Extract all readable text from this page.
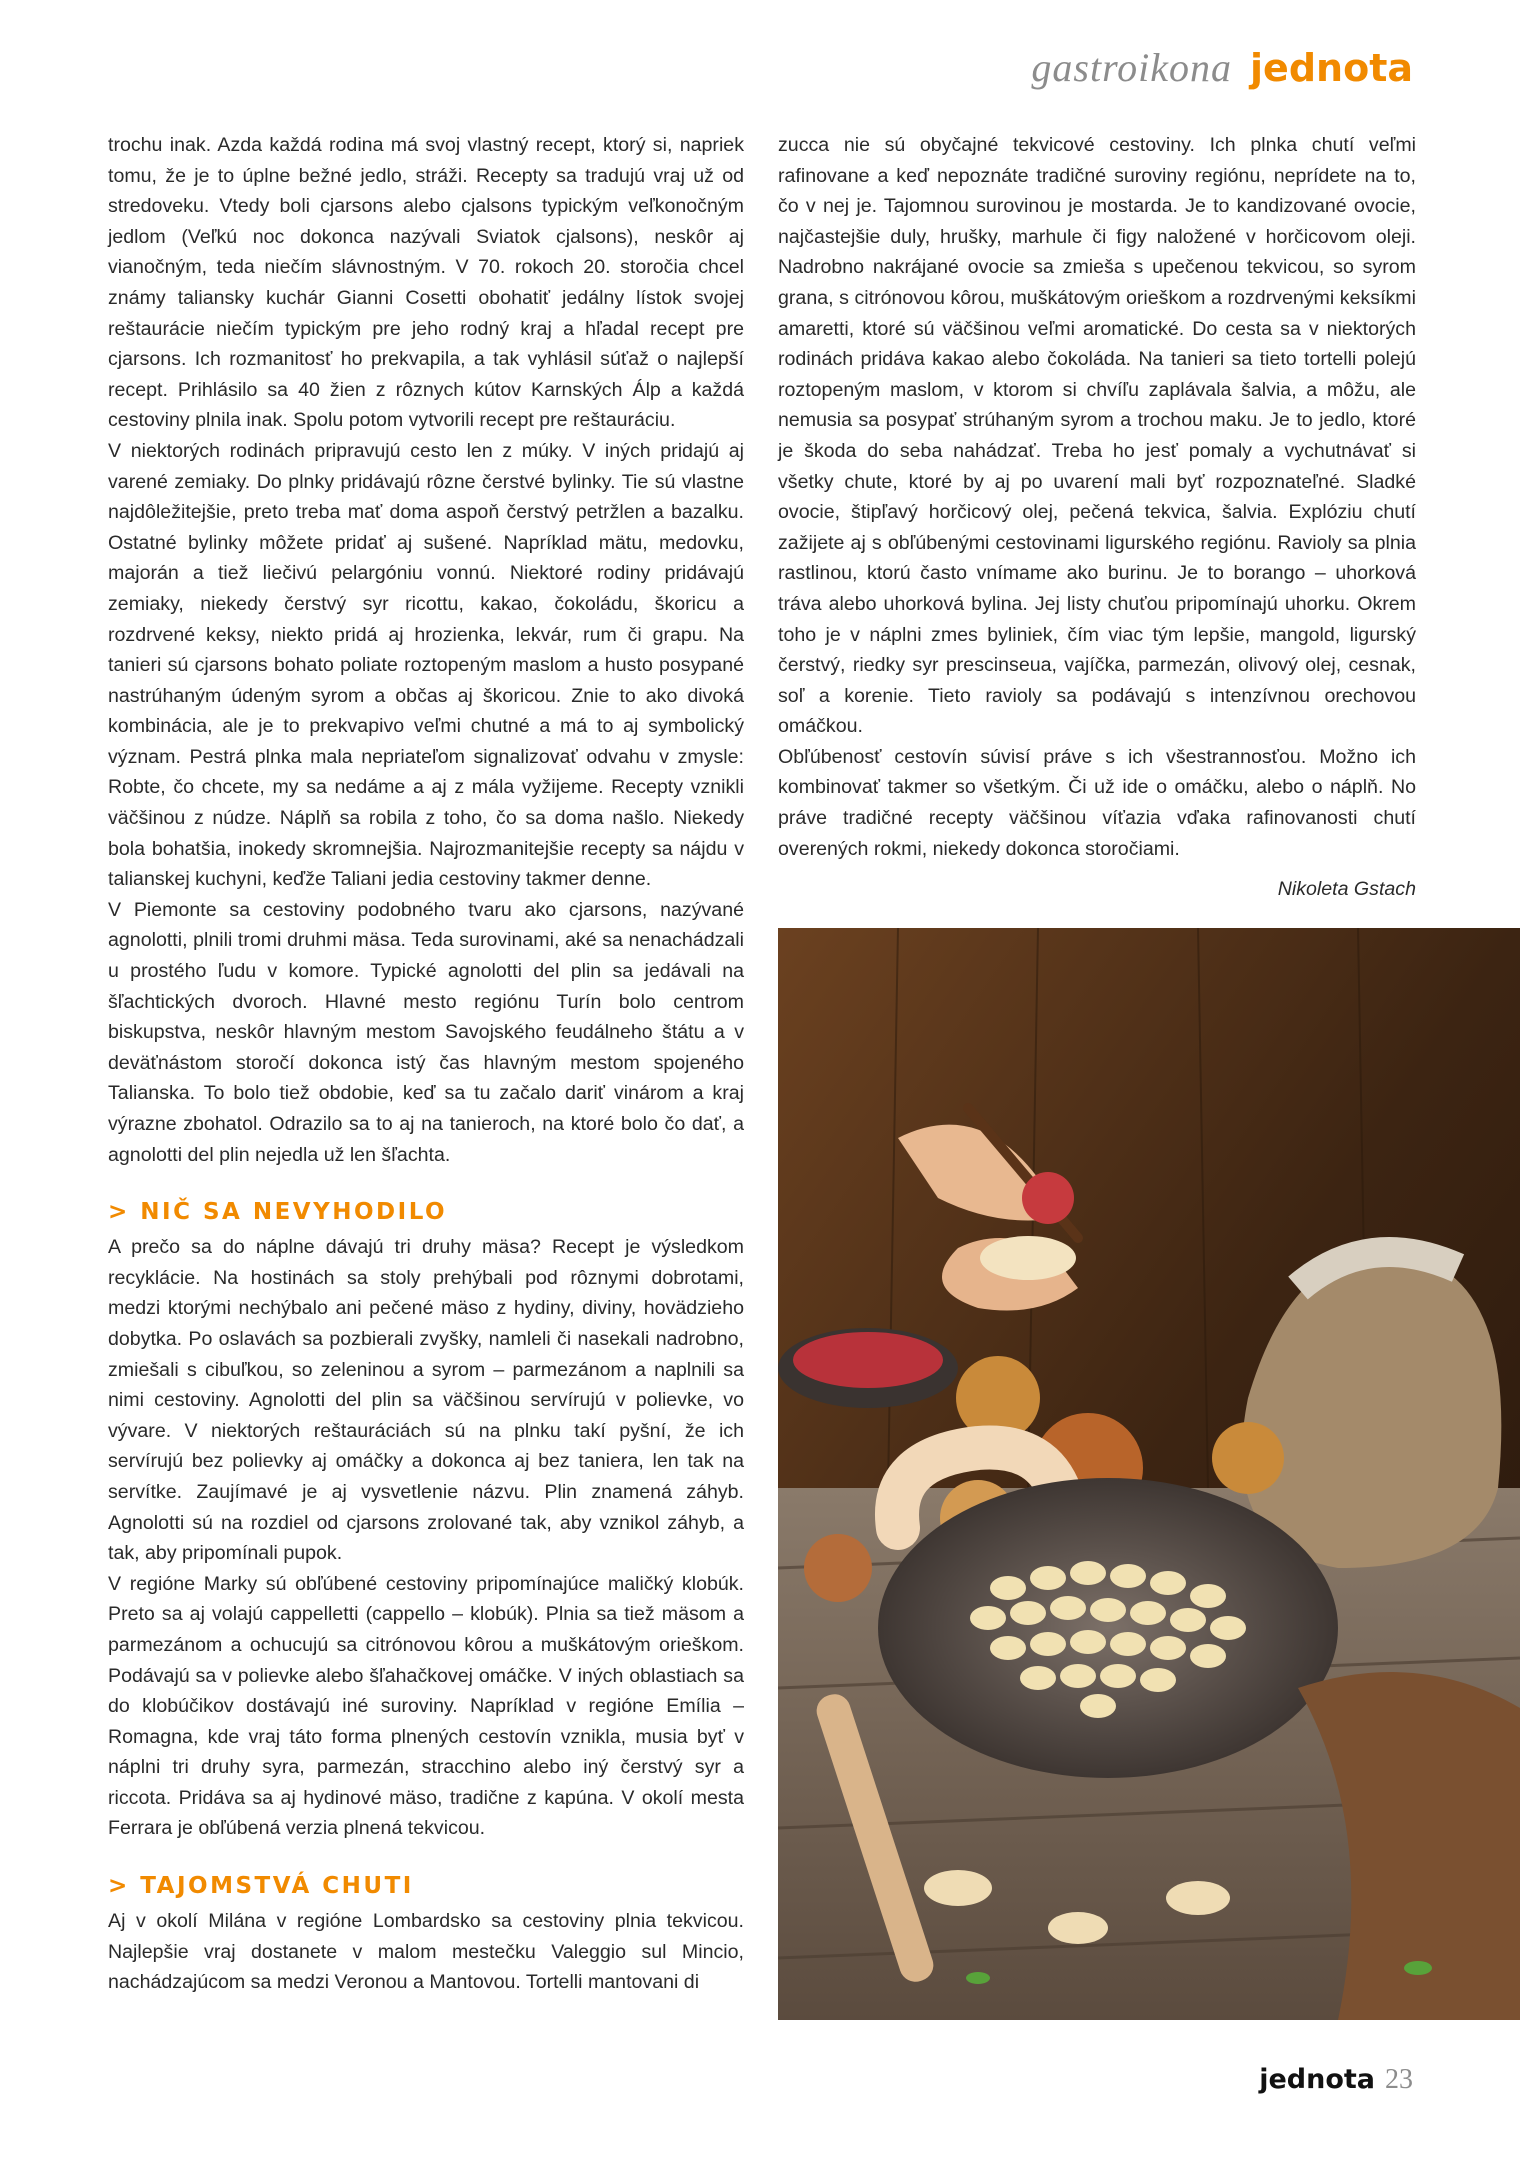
gastroikona jednota

trochu inak. Azda každá rodina má svoj vlastný recept, ktorý si, napriek tomu, že je to úplne bežné jedlo, stráži. Recepty sa tradujú vraj už od stredoveku. Vtedy boli cjarsons alebo cjalsons typickým veľkonočným jedlom (Veľkú noc dokonca nazývali Sviatok cjalsons), neskôr aj vianočným, teda niečím slávnostným. V 70. rokoch 20. storočia chcel známy taliansky kuchár Gianni Cosetti obohatiť jedálny lístok svojej reštaurácie niečím typickým pre jeho rodný kraj a hľadal recept pre cjarsons. Ich rozmanitosť ho prekvapila, a tak vyhlásil súťaž o najlepší recept. Prihlásilo sa 40 žien z rôznych kútov Karnských Álp a každá cestoviny plnila inak. Spolu potom vytvorili recept pre reštauráciu.

V niektorých rodinách pripravujú cesto len z múky. V iných pridajú aj varené zemiaky. Do plnky pridávajú rôzne čerstvé bylinky. Tie sú vlastne najdôležitejšie, preto treba mať doma aspoň čerstvý petržlen a bazalku. Ostatné bylinky môžete pridať aj sušené. Napríklad mätu, medovku, majorán a tiež liečivú pelargóniu vonnú. Niektoré rodiny pridávajú zemiaky, niekedy čerstvý syr ricottu, kakao, čokoládu, škoricu a rozdrvené keksy, niekto pridá aj hrozienka, lekvár, rum či grapu. Na tanieri sú cjarsons bohato poliate roztopeným maslom a husto posypané nastrúhaným údeným syrom a občas aj škoricou. Znie to ako divoká kombinácia, ale je to prekvapivo veľmi chutné a má to aj symbolický význam. Pestrá plnka mala nepriateľom signalizovať odvahu v zmysle: Robte, čo chcete, my sa nedáme a aj z mála vyžijeme. Recepty vznikli väčšinou z núdze. Náplň sa robila z toho, čo sa doma našlo. Niekedy bola bohatšia, inokedy skromnejšia. Najrozmanitejšie recepty sa nájdu v talianskej kuchyni, keďže Taliani jedia cestoviny takmer denne.

V Piemonte sa cestoviny podobného tvaru ako cjarsons, nazývané agnolotti, plnili tromi druhmi mäsa. Teda surovinami, aké sa nenachádzali u prostého ľudu v komore. Typické agnolotti del plin sa jedávali na šľachtických dvoroch. Hlavné mesto regiónu Turín bolo centrom biskupstva, neskôr hlavným mestom Savojského feudálneho štátu a v deväťnástom storočí dokonca istý čas hlavným mestom spojeného Talianska. To bolo tiež obdobie, keď sa tu začalo dariť vinárom a kraj výrazne zbohatol. Odrazilo sa to aj na tanieroch, na ktoré bolo čo dať, a agnolotti del plin nejedla už len šľachta.

> NIČ SA NEVYHODILO

A prečo sa do náplne dávajú tri druhy mäsa? Recept je výsledkom recyklácie. Na hostinách sa stoly prehýbali pod rôznymi dobrotami, medzi ktorými nechýbalo ani pečené mäso z hydiny, diviny, hovädzieho dobytka. Po oslavách sa pozbierali zvyšky, namleli či nasekali nadrobno, zmiešali s cibuľkou, so zeleninou a syrom – parmezánom a naplnili sa nimi cestoviny. Agnolotti del plin sa väčšinou servírujú v polievke, vo vývare. V niektorých reštauráciách sú na plnku takí pyšní, že ich servírujú bez polievky aj omáčky a dokonca aj bez taniera, len tak na servítke. Zaujímavé je aj vysvetlenie názvu. Plin znamená záhyb. Agnolotti sú na rozdiel od cjarsons zrolované tak, aby vznikol záhyb, a tak, aby pripomínali pupok.

V regióne Marky sú obľúbené cestoviny pripomínajúce maličký klobúk. Preto sa aj volajú cappelletti (cappello – klobúk). Plnia sa tiež mäsom a parmezánom a ochucujú sa citrónovou kôrou a muškátovým orieškom. Podávajú sa v polievke alebo šľahačkovej omáčke. V iných oblastiach sa do klobúčikov dostávajú iné suroviny. Napríklad v regióne Emília – Romagna, kde vraj táto forma plnených cestovín vznikla, musia byť v náplni tri druhy syra, parmezán, stracchino alebo iný čerstvý syr a riccota. Pridáva sa aj hydinové mäso, tradične z kapúna. V okolí mesta Ferrara je obľúbená verzia plnená tekvicou.

> TAJOMSTVÁ CHUTI

Aj v okolí Milána v regióne Lombardsko sa cestoviny plnia tekvicou. Najlepšie vraj dostanete v malom mestečku Valeggio sul Mincio, nachádzajúcom sa medzi Veronou a Mantovou. Tortelli mantovani di

zucca nie sú obyčajné tekvicové cestoviny. Ich plnka chutí veľmi rafinovane a keď nepoznáte tradičné suroviny regiónu, neprídete na to, čo v nej je. Tajomnou surovinou je mostarda. Je to kandizované ovocie, najčastejšie duly, hrušky, marhule či figy naložené v horčicovom oleji. Nadrobno nakrájané ovocie sa zmieša s upečenou tekvicou, so syrom grana, s citrónovou kôrou, muškátovým orieškom a rozdrvenými keksíkmi amaretti, ktoré sú väčšinou veľmi aromatické. Do cesta sa v niektorých rodinách pridáva kakao alebo čokoláda. Na tanieri sa tieto tortelli polejú roztopeným maslom, v ktorom si chvíľu zaplávala šalvia, a môžu, ale nemusia sa posypať strúhaným syrom a trochou maku. Je to jedlo, ktoré je škoda do seba nahádzať. Treba ho jesť pomaly a vychutnávať si všetky chute, ktoré by aj po uvarení mali byť rozpoznateľné. Sladké ovocie, štipľavý horčicový olej, pečená tekvica, šalvia. Explóziu chutí zažijete aj s obľúbenými cestovinami ligurského regiónu. Ravioly sa plnia rastlinou, ktorú často vnímame ako burinu. Je to borango – uhorková tráva alebo uhorková bylina. Jej listy chuťou pripomínajú uhorku. Okrem toho je v náplni zmes byliniek, čím viac tým lepšie, mangold, ligurský čerstvý, riedky syr prescinseua, vajíčka, parmezán, olivový olej, cesnak, soľ a korenie. Tieto ravioly sa podávajú s intenzívnou orechovou omáčkou.

Obľúbenosť cestovín súvisí práve s ich všestrannosťou. Možno ich kombinovať takmer so všetkým. Či už ide o omáčku, alebo o náplň. No práve tradičné recepty väčšinou víťazia vďaka rafinovanosti chutí overených rokmi, niekedy dokonca storočiami.

Nikoleta Gstach

jednota 23
